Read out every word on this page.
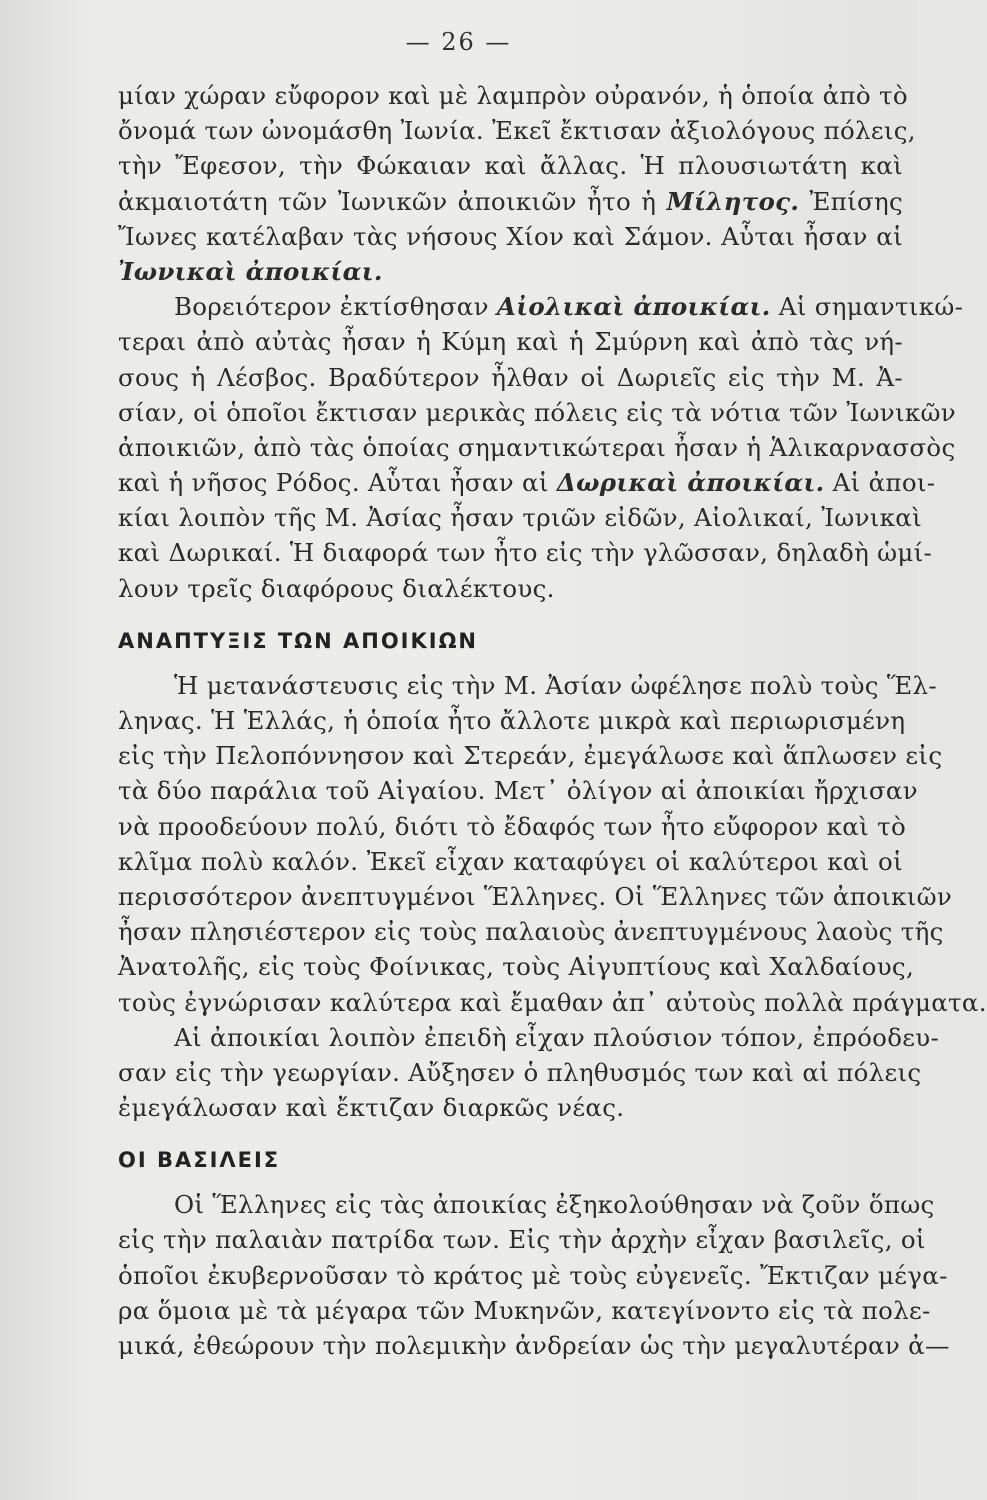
— 26 —
μίαν χώραν εὔφορον καὶ μὲ λαμπρὸν οὐρανόν, ἡ ὁποία ἀπὸ τὸ
ὄνομά των ὠνομάσθη Ἰωνία. Ἐκεῖ ἔκτισαν ἀξιολόγους πόλεις,
τὴν Ἔφεσον, τὴν Φώκαιαν καὶ ἄλλας. Ἡ πλουσιωτάτη καὶ
ἀκμαιοτάτη τῶν Ἰωνικῶν ἀποικιῶν ἦτο ἡ Μίλητος. Ἐπίσης
Ἴωνες κατέλαβαν τὰς νήσους Χίον καὶ Σάμον. Αὗται ἦσαν αἱ
Ἰωνικαὶ ἀποικίαι.
Βορειότερον ἐκτίσθησαν Αἰολικαὶ ἀποικίαι. Αἱ σημαντικώ-
τεραι ἀπὸ αὐτὰς ἦσαν ἡ Κύμη καὶ ἡ Σμύρνη καὶ ἀπὸ τὰς νή-
σους ἡ Λέσβος. Βραδύτερον ἦλθαν οἱ Δωριεῖς εἰς τὴν Μ. Ἀ-
σίαν, οἱ ὁποῖοι ἔκτισαν μερικὰς πόλεις εἰς τὰ νότια τῶν Ἰωνικῶν
ἀποικιῶν, ἀπὸ τὰς ὁποίας σημαντικώτεραι ἦσαν ἡ Ἁλικαρνασσὸς
καὶ ἡ νῆσος Ρόδος. Αὗται ἦσαν αἱ Δωρικαὶ ἀποικίαι. Αἱ ἀποι-
κίαι λοιπὸν τῆς Μ. Ἀσίας ἦσαν τριῶν εἰδῶν, Αἰολικαί, Ἰωνικαὶ
καὶ Δωρικαί. Ἡ διαφορά των ἦτο εἰς τὴν γλῶσσαν, δηλαδὴ ὡμί-
λουν τρεῖς διαφόρους διαλέκτους.
ΑΝΑΠΤΥΞΙΣ ΤΩΝ ΑΠΟΙΚΙΩΝ
Ἡ μετανάστευσις εἰς τὴν Μ. Ἀσίαν ὠφέλησε πολὺ τοὺς Ἕλ-
ληνας. Ἡ Ἑλλάς, ἡ ὁποία ἦτο ἄλλοτε μικρὰ καὶ περιωρισμένη
εἰς τὴν Πελοπόννησον καὶ Στερεάν, ἐμεγάλωσε καὶ ἅπλωσεν εἰς
τὰ δύο παράλια τοῦ Αἰγαίου. Μετ᾽ ὀλίγον αἱ ἀποικίαι ἤρχισαν
νὰ προοδεύουν πολύ, διότι τὸ ἔδαφός των ἦτο εὔφορον καὶ τὸ
κλῖμα πολὺ καλόν. Ἐκεῖ εἶχαν καταφύγει οἱ καλύτεροι καὶ οἱ
περισσότερον ἀνεπτυγμένοι Ἕλληνες. Οἱ Ἕλληνες τῶν ἀποικιῶν
ἦσαν πλησιέστερον εἰς τοὺς παλαιοὺς ἀνεπτυγμένους λαοὺς τῆς
Ἀνατολῆς, εἰς τοὺς Φοίνικας, τοὺς Αἰγυπτίους καὶ Χαλδαίους,
τοὺς ἐγνώρισαν καλύτερα καὶ ἔμαθαν ἀπ᾽ αὐτοὺς πολλὰ πράγματα.
Αἱ ἀποικίαι λοιπὸν ἐπειδὴ εἶχαν πλούσιον τόπον, ἐπρόοδευ-
σαν εἰς τὴν γεωργίαν. Αὔξησεν ὁ πληθυσμός των καὶ αἱ πόλεις
ἐμεγάλωσαν καὶ ἔκτιζαν διαρκῶς νέας.
ΟΙ ΒΑΣΙΛΕΙΣ
Οἱ Ἕλληνες εἰς τὰς ἀποικίας ἐξηκολούθησαν νὰ ζοῦν ὅπως
εἰς τὴν παλαιὰν πατρίδα των. Εἰς τὴν ἀρχὴν εἶχαν βασιλεῖς, οἱ
ὁποῖοι ἐκυβερνοῦσαν τὸ κράτος μὲ τοὺς εὐγενεῖς. Ἔκτιζαν μέγα-
ρα ὅμοια μὲ τὰ μέγαρα τῶν Μυκηνῶν, κατεγίνοντο εἰς τὰ πολε-
μικά, ἐθεώρουν τὴν πολεμικὴν ἀνδρείαν ὡς τὴν μεγαλυτέραν ἀ—
